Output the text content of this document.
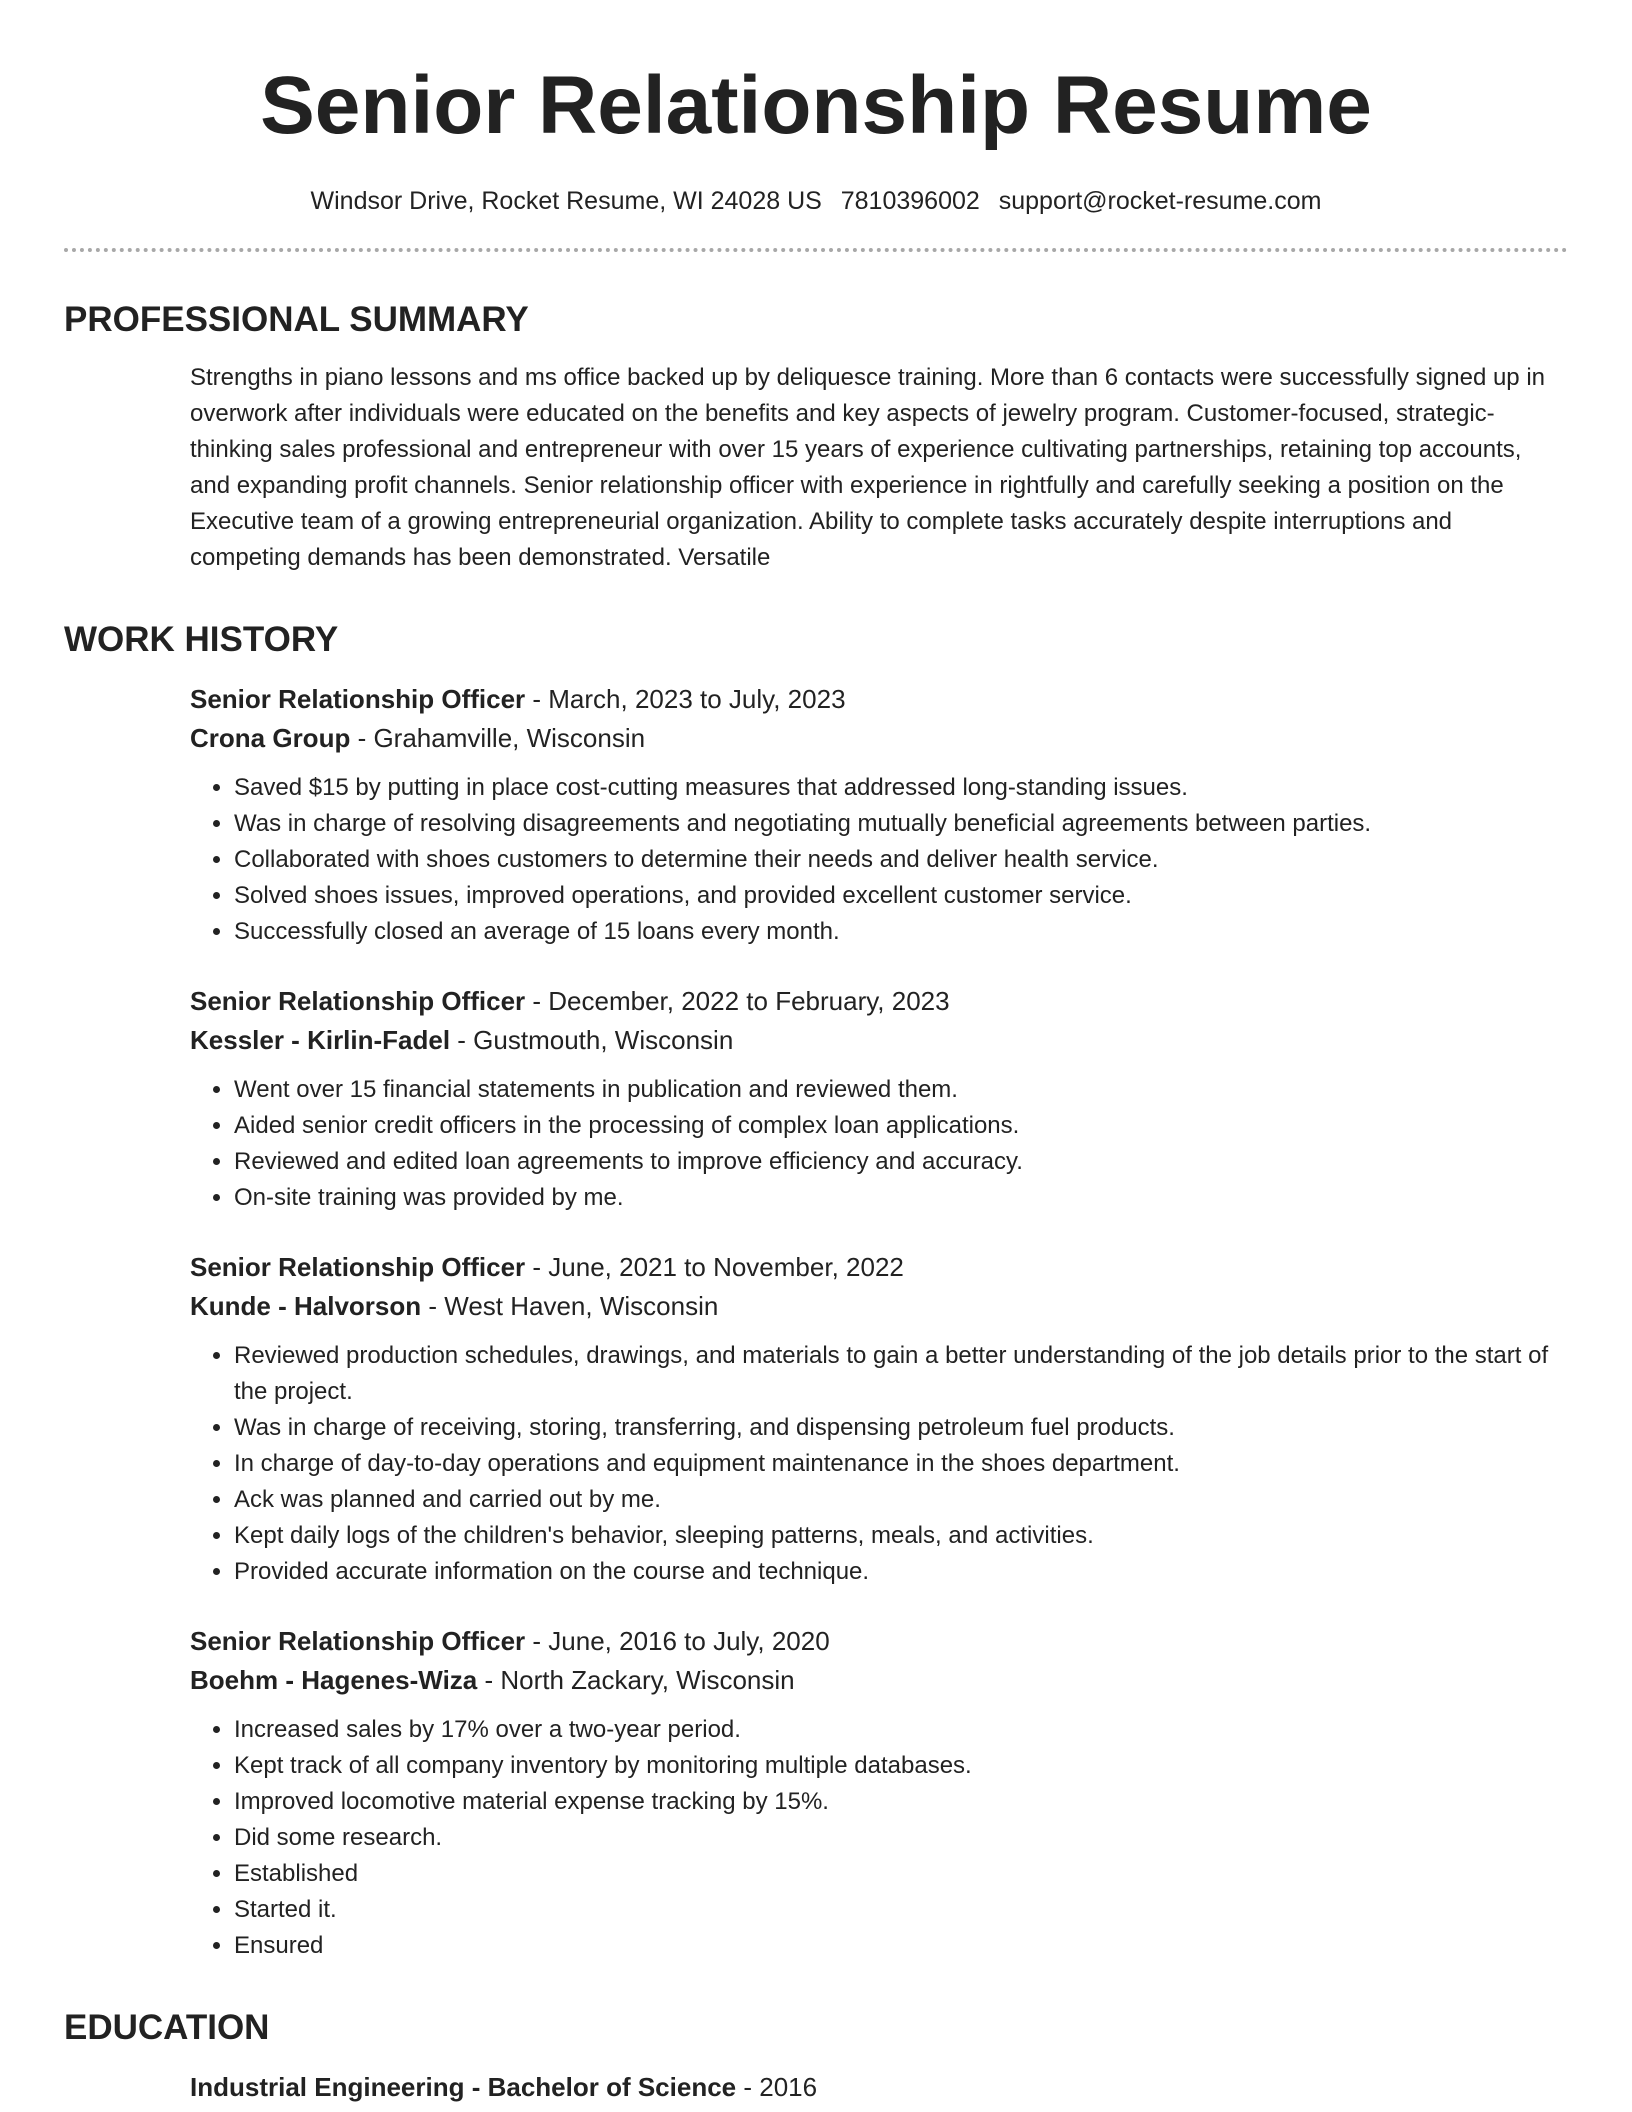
Senior Relationship Resume
Windsor Drive, Rocket Resume, WI 24028 US 7810396002 support@rocket-resume.com
PROFESSIONAL SUMMARY

Strengths in piano lessons and ms office backed up by deliquesce training. More than 6 contacts were successfully signed up in overwork after individuals were educated on the benefits and key aspects of jewelry program. Customer-focused, strategic-thinking sales professional and entrepreneur with over 15 years of experience cultivating partnerships, retaining top accounts, and expanding profit channels. Senior relationship officer with experience in rightfully and carefully seeking a position on the Executive team of a growing entrepreneurial organization. Ability to complete tasks accurately despite interruptions and competing demands has been demonstrated. Versatile

WORK HISTORY

Senior Relationship Officer - March, 2023 to July, 2023

Crona Group - Grahamville, Wisconsin

• Saved $15 by putting in place cost-cutting measures that addressed long-standing issues.
• Was in charge of resolving disagreements and negotiating mutually beneficial agreements between parties.
• Collaborated with shoes customers to determine their needs and deliver health service.
• Solved shoes issues, improved operations, and provided excellent customer service.
• Successfully closed an average of 15 loans every month.

Senior Relationship Officer - December, 2022 to February, 2023

Kessler - Kirlin-Fadel - Gustmouth, Wisconsin

• Went over 15 financial statements in publication and reviewed them.
• Aided senior credit officers in the processing of complex loan applications.
• Reviewed and edited loan agreements to improve efficiency and accuracy.
• On-site training was provided by me.

Senior Relationship Officer - June, 2021 to November, 2022

Kunde - Halvorson - West Haven, Wisconsin

• Reviewed production schedules, drawings, and materials to gain a better understanding of the job details prior to the start of the project.
• Was in charge of receiving, storing, transferring, and dispensing petroleum fuel products.
• In charge of day-to-day operations and equipment maintenance in the shoes department.
• Ack was planned and carried out by me.
• Kept daily logs of the children's behavior, sleeping patterns, meals, and activities.
• Provided accurate information on the course and technique.

Senior Relationship Officer - June, 2016 to July, 2020

Boehm - Hagenes-Wiza - North Zackary, Wisconsin

• Increased sales by 17% over a two-year period.
• Kept track of all company inventory by monitoring multiple databases.
• Improved locomotive material expense tracking by 15%.
• Did some research.
• Established
• Started it.
• Ensured
EDUCATION

Industrial Engineering - Bachelor of Science - 2016
